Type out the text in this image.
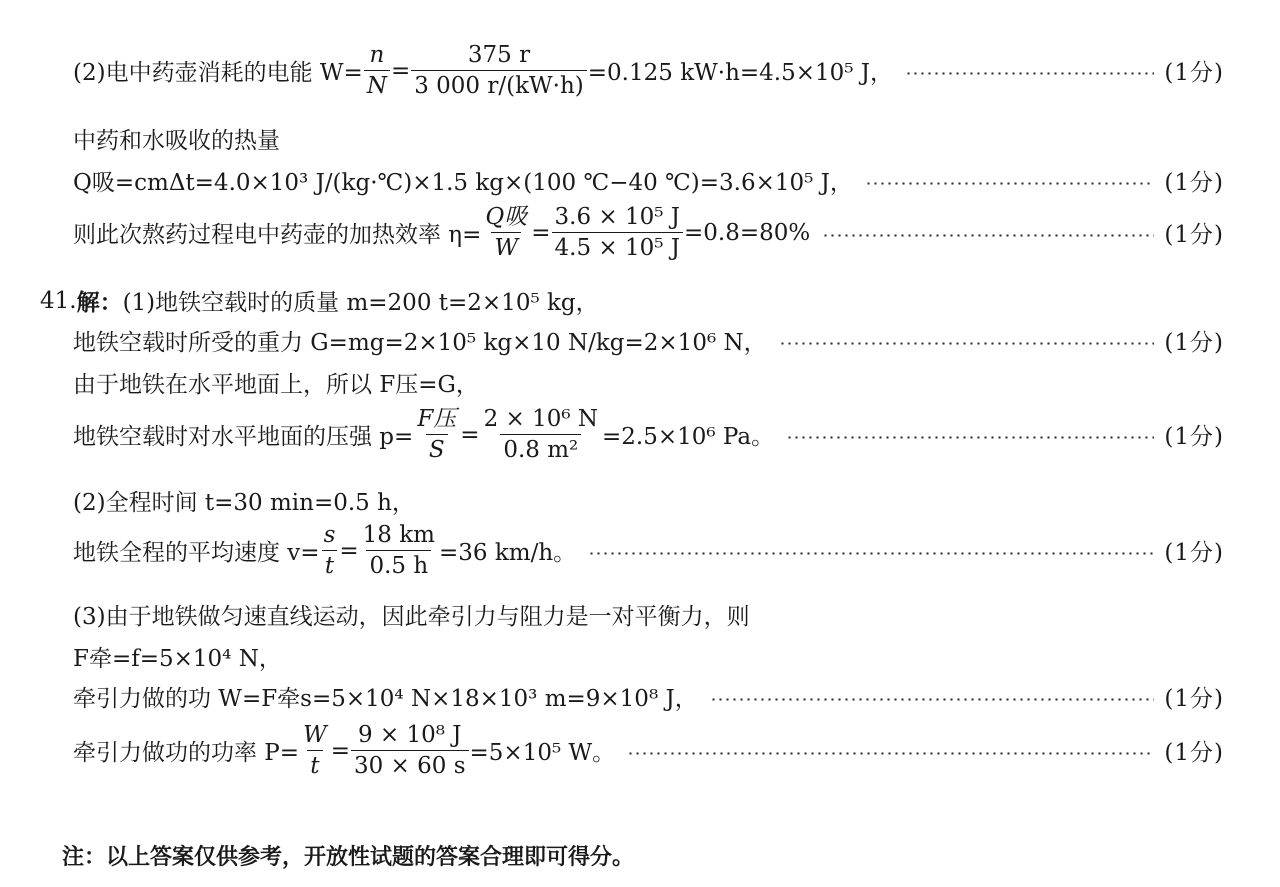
(2)电中药壶消耗的电能 $W= \frac{n}{N} = \frac{375 r}{3 000 r/(kW\cdot h)} =0.125$ kW·h=4.5×10⁵ J，	(1分)
中药和水吸收的热量
Q吸=cmΔt=4.0×10³ J/(kg·℃)×1.5 kg×(100 ℃−40 ℃)=3.6×10⁵ J，	(1分)
则此次熬药过程电中药壶的加热效率 $\eta= \frac{\text{Q吸}}{W} = \frac{\text{3.6 × 10⁵ J}}{\text{4.5 × 10⁵ J}} =0.8=80\%$	(1分)
41. 解： (1)地铁空载时的质量 m=200 t=2×10⁵ kg，
地铁空载时所受的重力 G=mg=2×10⁵ kg×10 N/kg=2×10⁶ N，	(1分)
由于地铁在水平地面上，所以 F压=G，
地铁空载时对水平地面的压强 $p= \frac{\text{F压}}{S} = \frac{\text{2 × 10⁶ N}}{\text{0.8 m²}} =2.5\times 10^6$ Pa。	(1分)
(2)全程时间 t=30 min=0.5 h，
地铁全程的平均速度 $v= \frac{s}{t} = \frac{18 km}{0.5 h} =36$ km/h。	(1分)
(3)由于地铁做匀速直线运动，因此牵引力与阻力是一对平衡力，则
F牵=f=5×10⁴ N，
牵引力做的功 W=F牵s=5×10⁴ N×18×10³ m=9×10⁸ J，	(1分)
牵引力做功的功率 $P= \frac{W}{t} = \frac{\text{9 × 10⁸ J}}{30 \times 60 s} =5\times 10^5$ W。	(1分)
注：以上答案仅供参考，开放性试题的答案合理即可得分。
